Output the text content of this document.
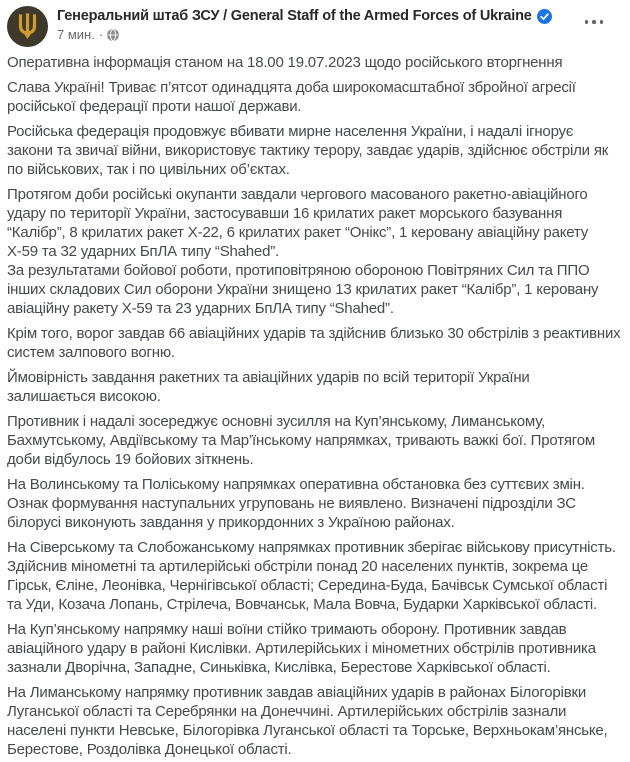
Генеральний штаб ЗСУ / General Staff of the Armed Forces of Ukraine
7 мин. ·

Оперативна інформація станом на 18.00 19.07.2023 щодо російського вторгнення

Слава Україні! Триває п’ятсот одинадцята доба широкомасштабної збройної агресії російської федерації проти нашої держави.

Російська федерація продовжує вбивати мирне населення України, і надалі ігнорує закони та звичаї війни, використовує тактику терору, завдає ударів, здійснює обстріли як по військових, так і по цивільних об’єктах.

Протягом доби російські окупанти завдали чергового масованого ракетно-авіаційного удару по території України, застосувавши 16 крилатих ракет морського базування “Калібр”, 8 крилатих ракет Х-22, 6 крилатих ракет “Онікс”, 1 керовану авіаційну ракету Х-59 та 32 ударних БпЛА типу “Shahed”.

За результатами бойової роботи, протиповітряною обороною Повітряних Сил та ППО інших складових Сил оборони України знищено 13 крилатих ракет “Калібр”, 1 керовану авіаційну ракету Х-59 та 23 ударних БпЛА типу “Shahed”.

Крім того, ворог завдав 66 авіаційних ударів та здійснив близько 30 обстрілів з реактивних систем залпового вогню.

Ймовірність завдання ракетних та авіаційних ударів по всій території України залишається високою.

Противник і надалі зосереджує основні зусилля на Куп’янському, Лиманському, Бахмутському, Авдіївському та Мар’їнському напрямках, тривають важкі бої. Протягом доби відбулось 19 бойових зіткнень.

На Волинському та Поліському напрямках оперативна обстановка без суттєвих змін. Ознак формування наступальних угруповань не виявлено. Визначені підрозділи ЗС білорусі виконують завдання у прикордонних з Україною районах.

На Сіверському та Слобожанському напрямках противник зберігає військову присутність. Здійснив мінометні та артилерійські обстріли понад 20 населених пунктів, зокрема це Гірськ, Єліне, Леонівка, Чернігівської області; Середина-Буда, Бачівськ Сумської області та Уди, Козача Лопань, Стрілеча, Вовчанськ, Мала Вовча, Бударки Харківської області.

На Куп’янському напрямку наші воїни стійко тримають оборону. Противник завдав авіаційного удару в районі Кислівки. Артилерійських і мінометних обстрілів противника зазнали Дворічна, Западне, Синьківка, Кислівка, Берестове Харківської області.

На Лиманському напрямку противник завдав авіаційних ударів в районах Білогорівки Луганської області та Серебрянки на Донеччині. Артилерійських обстрілів зазнали населені пункти Невське, Білогорівка Луганської області та Торське, Верхньокам’янське, Берестове, Роздолівка Донецької області.
